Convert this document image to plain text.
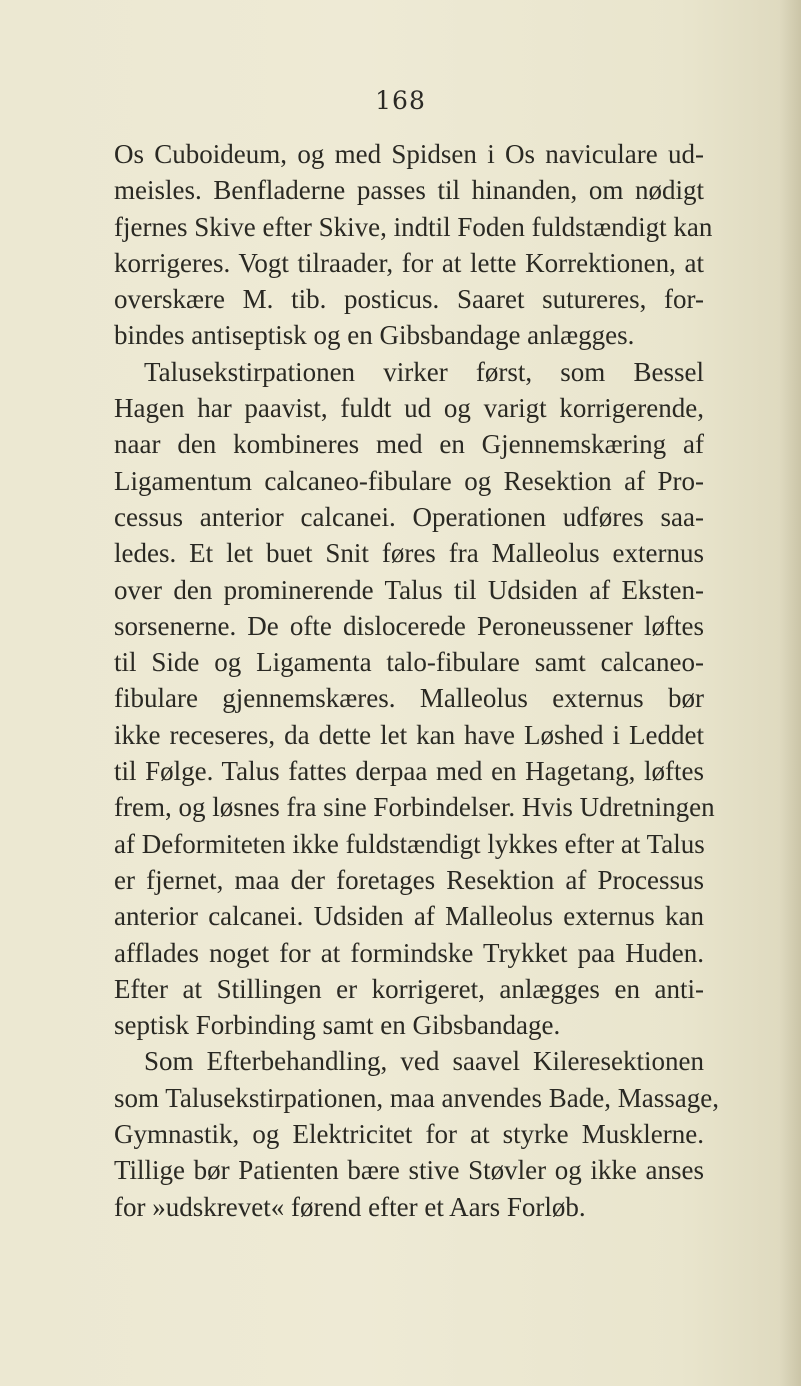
168
Os Cuboideum, og med Spidsen i Os naviculare ud-
meisles. Benfladerne passes til hinanden, om nødigt
fjernes Skive efter Skive, indtil Foden fuldstændigt kan
korrigeres. Vogt tilraader, for at lette Korrektionen, at
overskære M. tib. posticus. Saaret sutureres, for-
bindes antiseptisk og en Gibsbandage anlægges.
Talusekstirpationen virker først, som Bessel
Hagen har paavist, fuldt ud og varigt korrigerende,
naar den kombineres med en Gjennemskæring af
Ligamentum calcaneo-fibulare og Resektion af Pro-
cessus anterior calcanei. Operationen udføres saa-
ledes. Et let buet Snit føres fra Malleolus externus
over den prominerende Talus til Udsiden af Eksten-
sorsenerne. De ofte dislocerede Peroneussener løftes
til Side og Ligamenta talo-fibulare samt calcaneo-
fibulare gjennemskæres. Malleolus externus bør
ikke receseres, da dette let kan have Løshed i Leddet
til Følge. Talus fattes derpaa med en Hagetang, løftes
frem, og løsnes fra sine Forbindelser. Hvis Udretningen
af Deformiteten ikke fuldstændigt lykkes efter at Talus
er fjernet, maa der foretages Resektion af Processus
anterior calcanei. Udsiden af Malleolus externus kan
afflades noget for at formindske Trykket paa Huden.
Efter at Stillingen er korrigeret, anlægges en anti-
septisk Forbinding samt en Gibsbandage.
Som Efterbehandling, ved saavel Kileresektionen
som Talusekstirpationen, maa anvendes Bade, Massage,
Gymnastik, og Elektricitet for at styrke Musklerne.
Tillige bør Patienten bære stive Støvler og ikke anses
for »udskrevet« førend efter et Aars Forløb.
